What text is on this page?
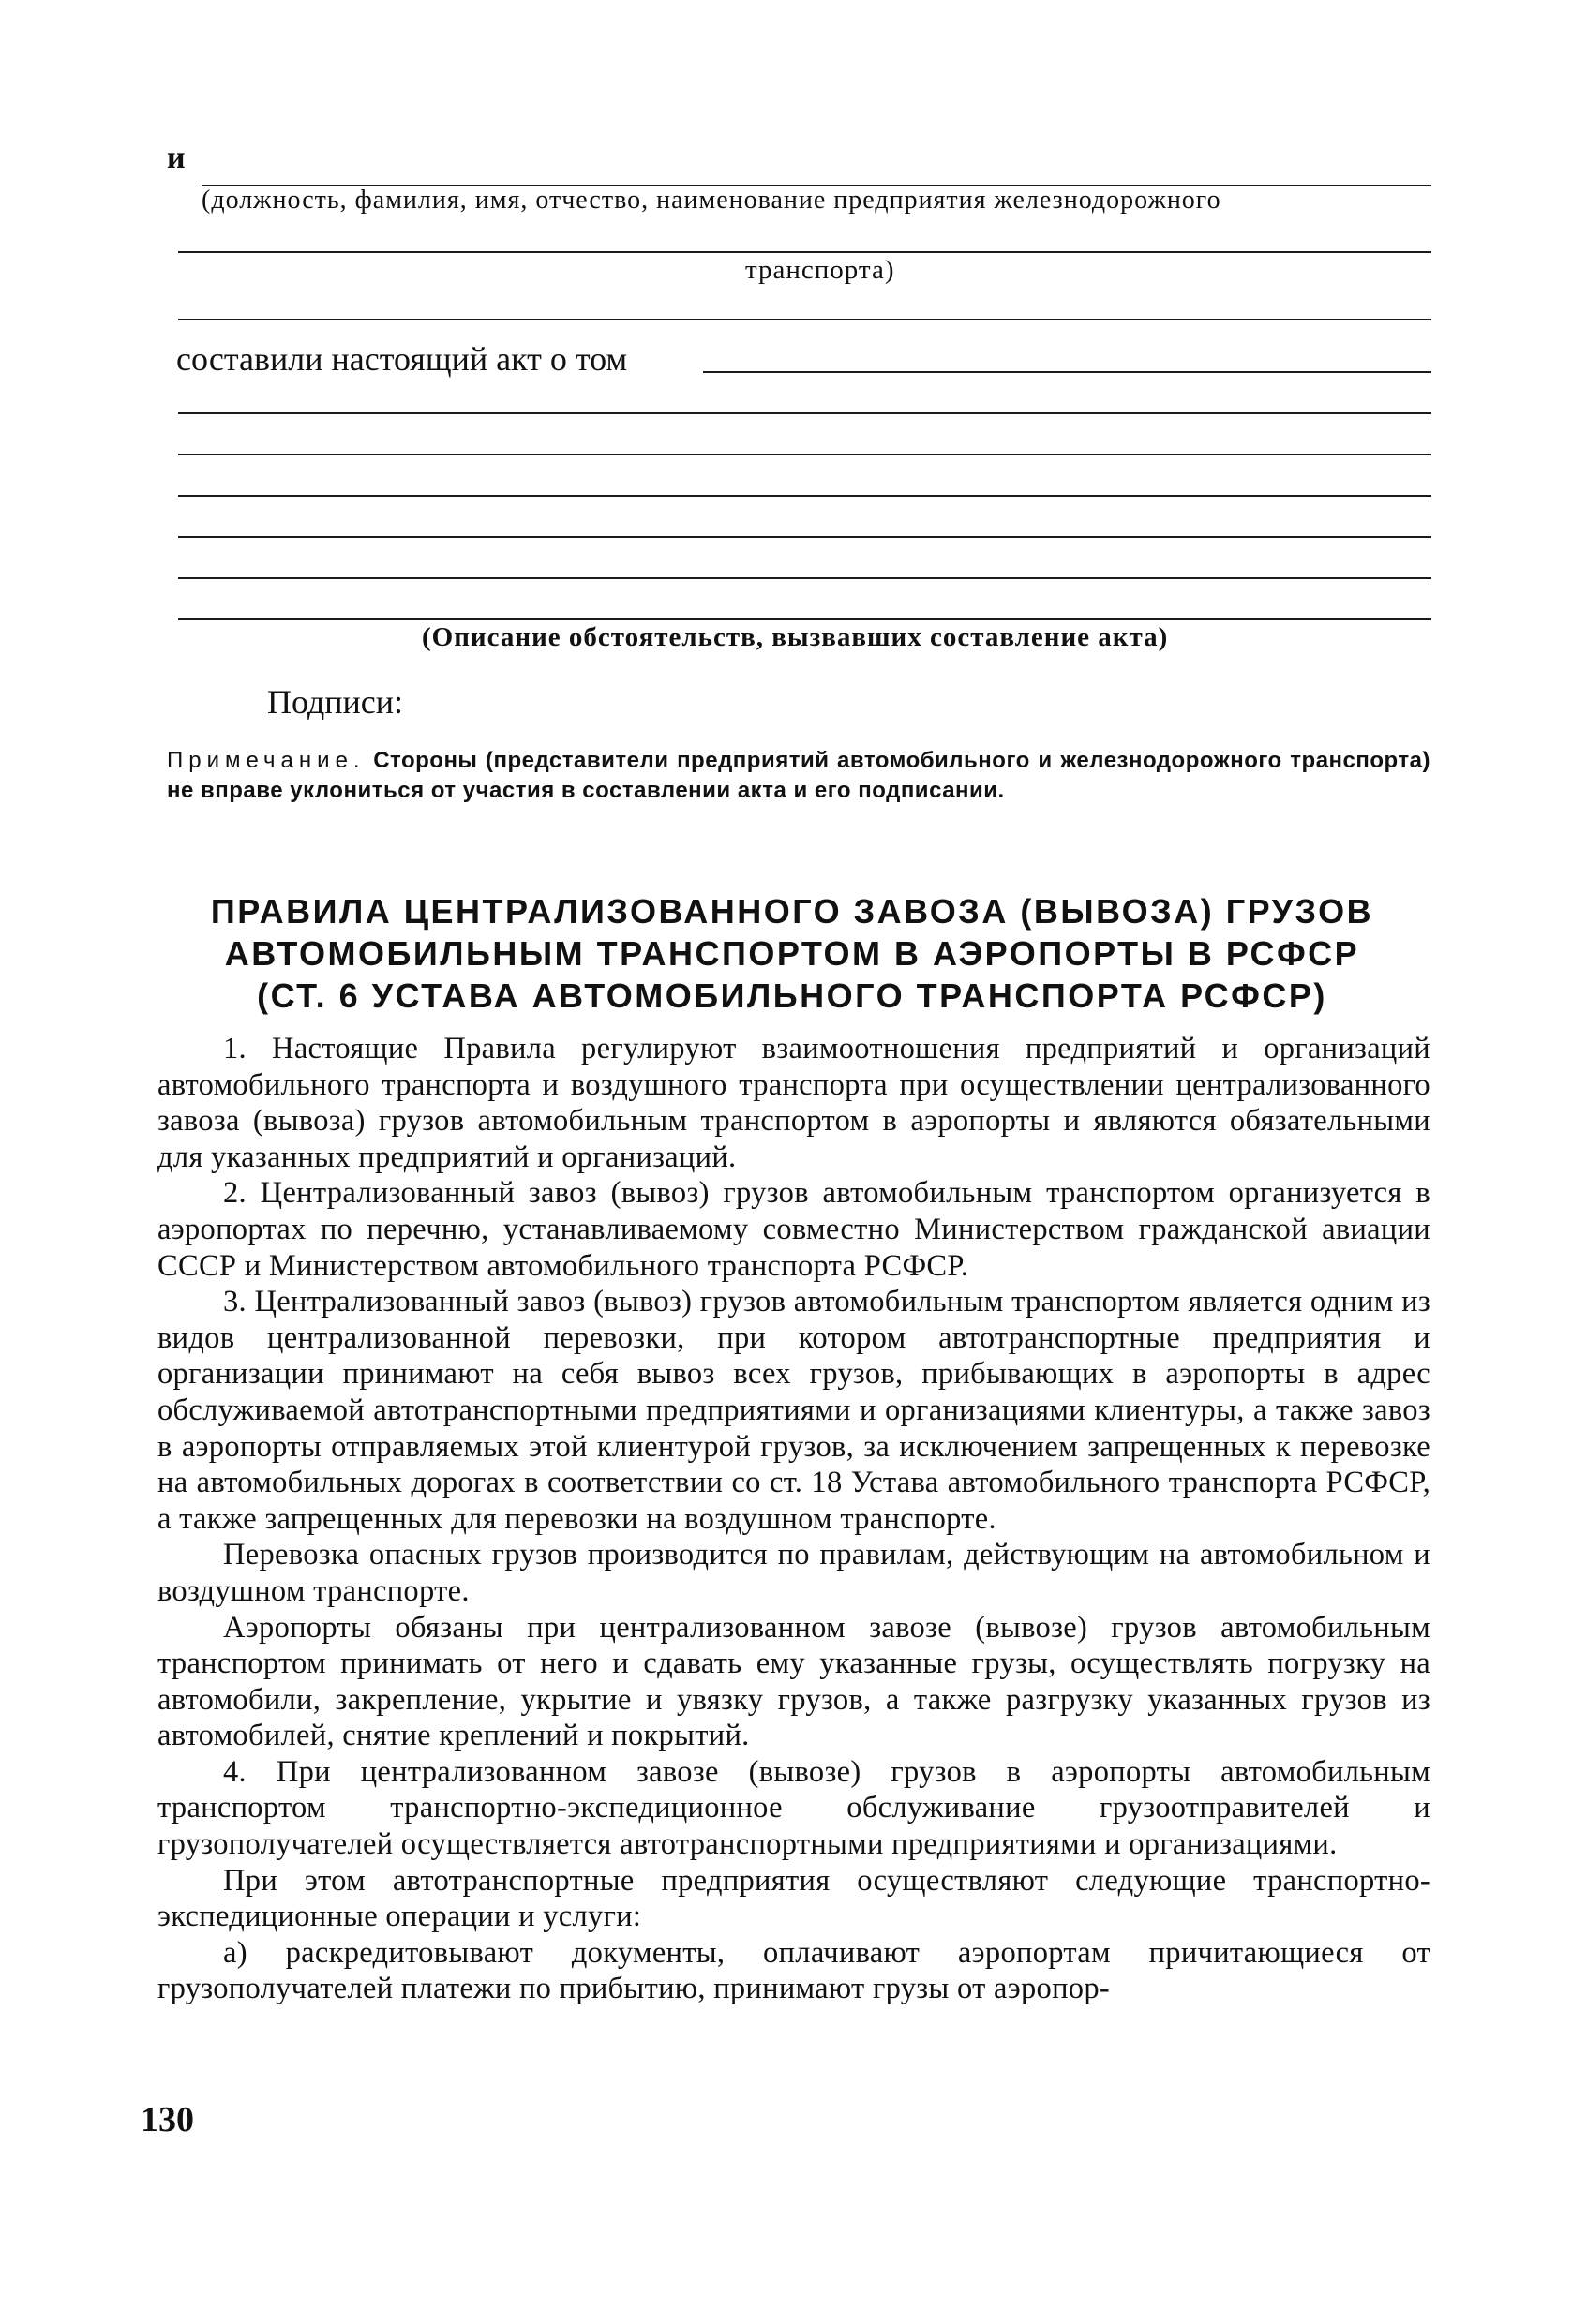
и
(должность, фамилия, имя, отчество, наименование предприятия железнодорожного
транспорта)
составили настоящий акт о том
(Описание обстоятельств, вызвавших составление акта)
Подписи:
Примечание. Стороны (представители предприятий автомобильного и железнодорожного транспорта) не вправе уклониться от участия в составлении акта и его подписании.
ПРАВИЛА ЦЕНТРАЛИЗОВАННОГО ЗАВОЗА (ВЫВОЗА) ГРУЗОВ
АВТОМОБИЛЬНЫМ ТРАНСПОРТОМ В АЭРОПОРТЫ В РСФСР
(СТ. 6 УСТАВА АВТОМОБИЛЬНОГО ТРАНСПОРТА РСФСР)

1. Настоящие Правила регулируют взаимоотношения предприятий и организаций автомобильного транспорта и воздушного транспорта при осуществлении централизованного завоза (вывоза) грузов автомобильным транспортом в аэропорты и являются обязательными для указанных предприятий и организаций.

2. Централизованный завоз (вывоз) грузов автомобильным транспортом организуется в аэропортах по перечню, устанавливаемому совместно Министерством гражданской авиации СССР и Министерством автомобильного транспорта РСФСР.

3. Централизованный завоз (вывоз) грузов автомобильным транспортом является одним из видов централизованной перевозки, при котором автотранспортные предприятия и организации принимают на себя вывоз всех грузов, прибывающих в аэропорты в адрес обслуживаемой автотранспортными предприятиями и организациями клиентуры, а также завоз в аэропорты отправляемых этой клиентурой грузов, за исключением запрещенных к перевозке на автомобильных дорогах в соответствии со ст. 18 Устава автомобильного транспорта РСФСР, а также запрещенных для перевозки на воздушном транспорте.

Перевозка опасных грузов производится по правилам, действующим на автомобильном и воздушном транспорте.

Аэропорты обязаны при централизованном завозе (вывозе) грузов автомобильным транспортом принимать от него и сдавать ему указанные грузы, осуществлять погрузку на автомобили, закрепление, укрытие и увязку грузов, а также разгрузку указанных грузов из автомобилей, снятие креплений и покрытий.

4. При централизованном завозе (вывозе) грузов в аэропорты автомобильным транспортом транспортно-экспедиционное обслуживание грузоотправителей и грузополучателей осуществляется автотранспортными предприятиями и организациями.

При этом автотранспортные предприятия осуществляют следующие транспортно-экспедиционные операции и услуги:

а) раскредитовывают документы, оплачивают аэропортам причитающиеся от грузополучателей платежи по прибытию, принимают грузы от аэропор-

130
